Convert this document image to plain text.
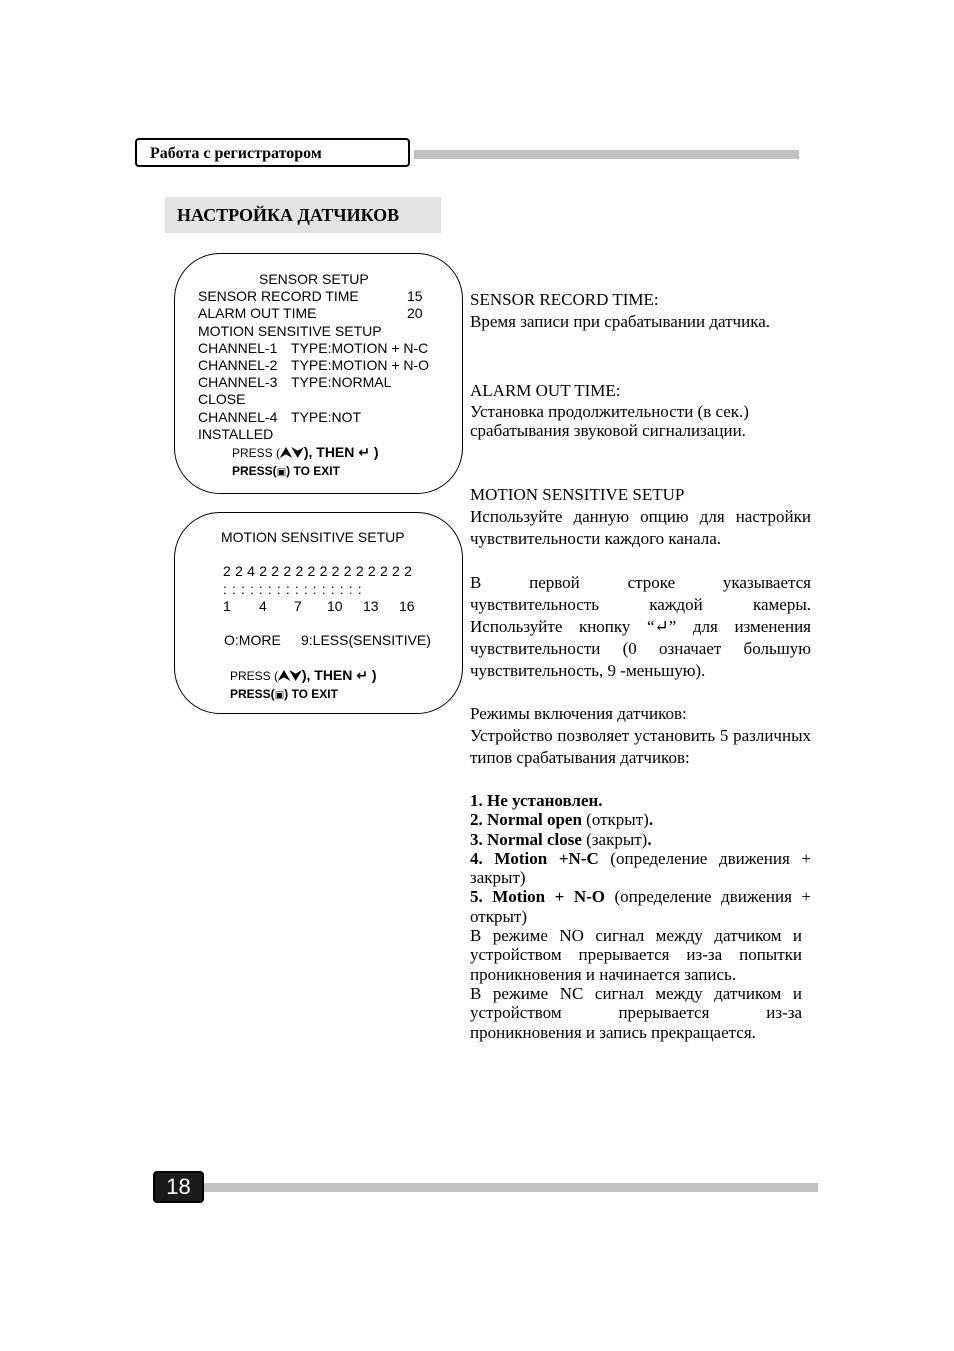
Работа с регистратором
НАСТРОЙКА ДАТЧИКОВ
SENSOR SETUP
SENSOR RECORD TIME	15
ALARM OUT TIME	20
MOTION SENSITIVE SETUP
CHANNEL-1 TYPE:MOTION + N-C
CHANNEL-2 TYPE:MOTION + N-O
CHANNEL-3 TYPE:NORMAL
CLOSE
CHANNEL-4 TYPE:NOT
INSTALLED
PRESS (⮝⮟), THEN ↵ )
PRESS(▣) TO EXIT
MOTION SENSITIVE SETUP
2 2 4 2 2 2 2 2 2 2 2 2 2 2 2 2
: : : : : : : : : : : : : : : :
1 4 7 10 13 16
O:MORE 9:LESS(SENSITIVE)
PRESS (⮝⮟), THEN ↵ )
PRESS(▣) TO EXIT
SENSOR RECORD TIME:
Время записи при срабатывании датчика.
ALARM OUT TIME:
Установка продолжительности (в сек.) срабатывания звуковой сигнализации.
MOTION SENSITIVE SETUP
Используйте данную опцию для настройки чувствительности каждого канала.
В первой строке указывается чувствительность каждой камеры. Используйте кнопку “↵” для изменения чувствительности (0 означает большую чувствительность, 9 -меньшую).
Режимы включения датчиков:
Устройство позволяет установить 5 различных типов срабатывания датчиков:
1. Не установлен.
2. Normal open (открыт).
3. Normal close (закрыт).
4. Motion +N-C (определение движения + закрыт)
5. Motion + N-O (определение движения + открыт)
В режиме NO сигнал между датчиком и устройством прерывается из-за попытки проникновения и начинается запись.
В режиме NC сигнал между датчиком и устройством прерывается из-за проникновения и запись прекращается.
18
